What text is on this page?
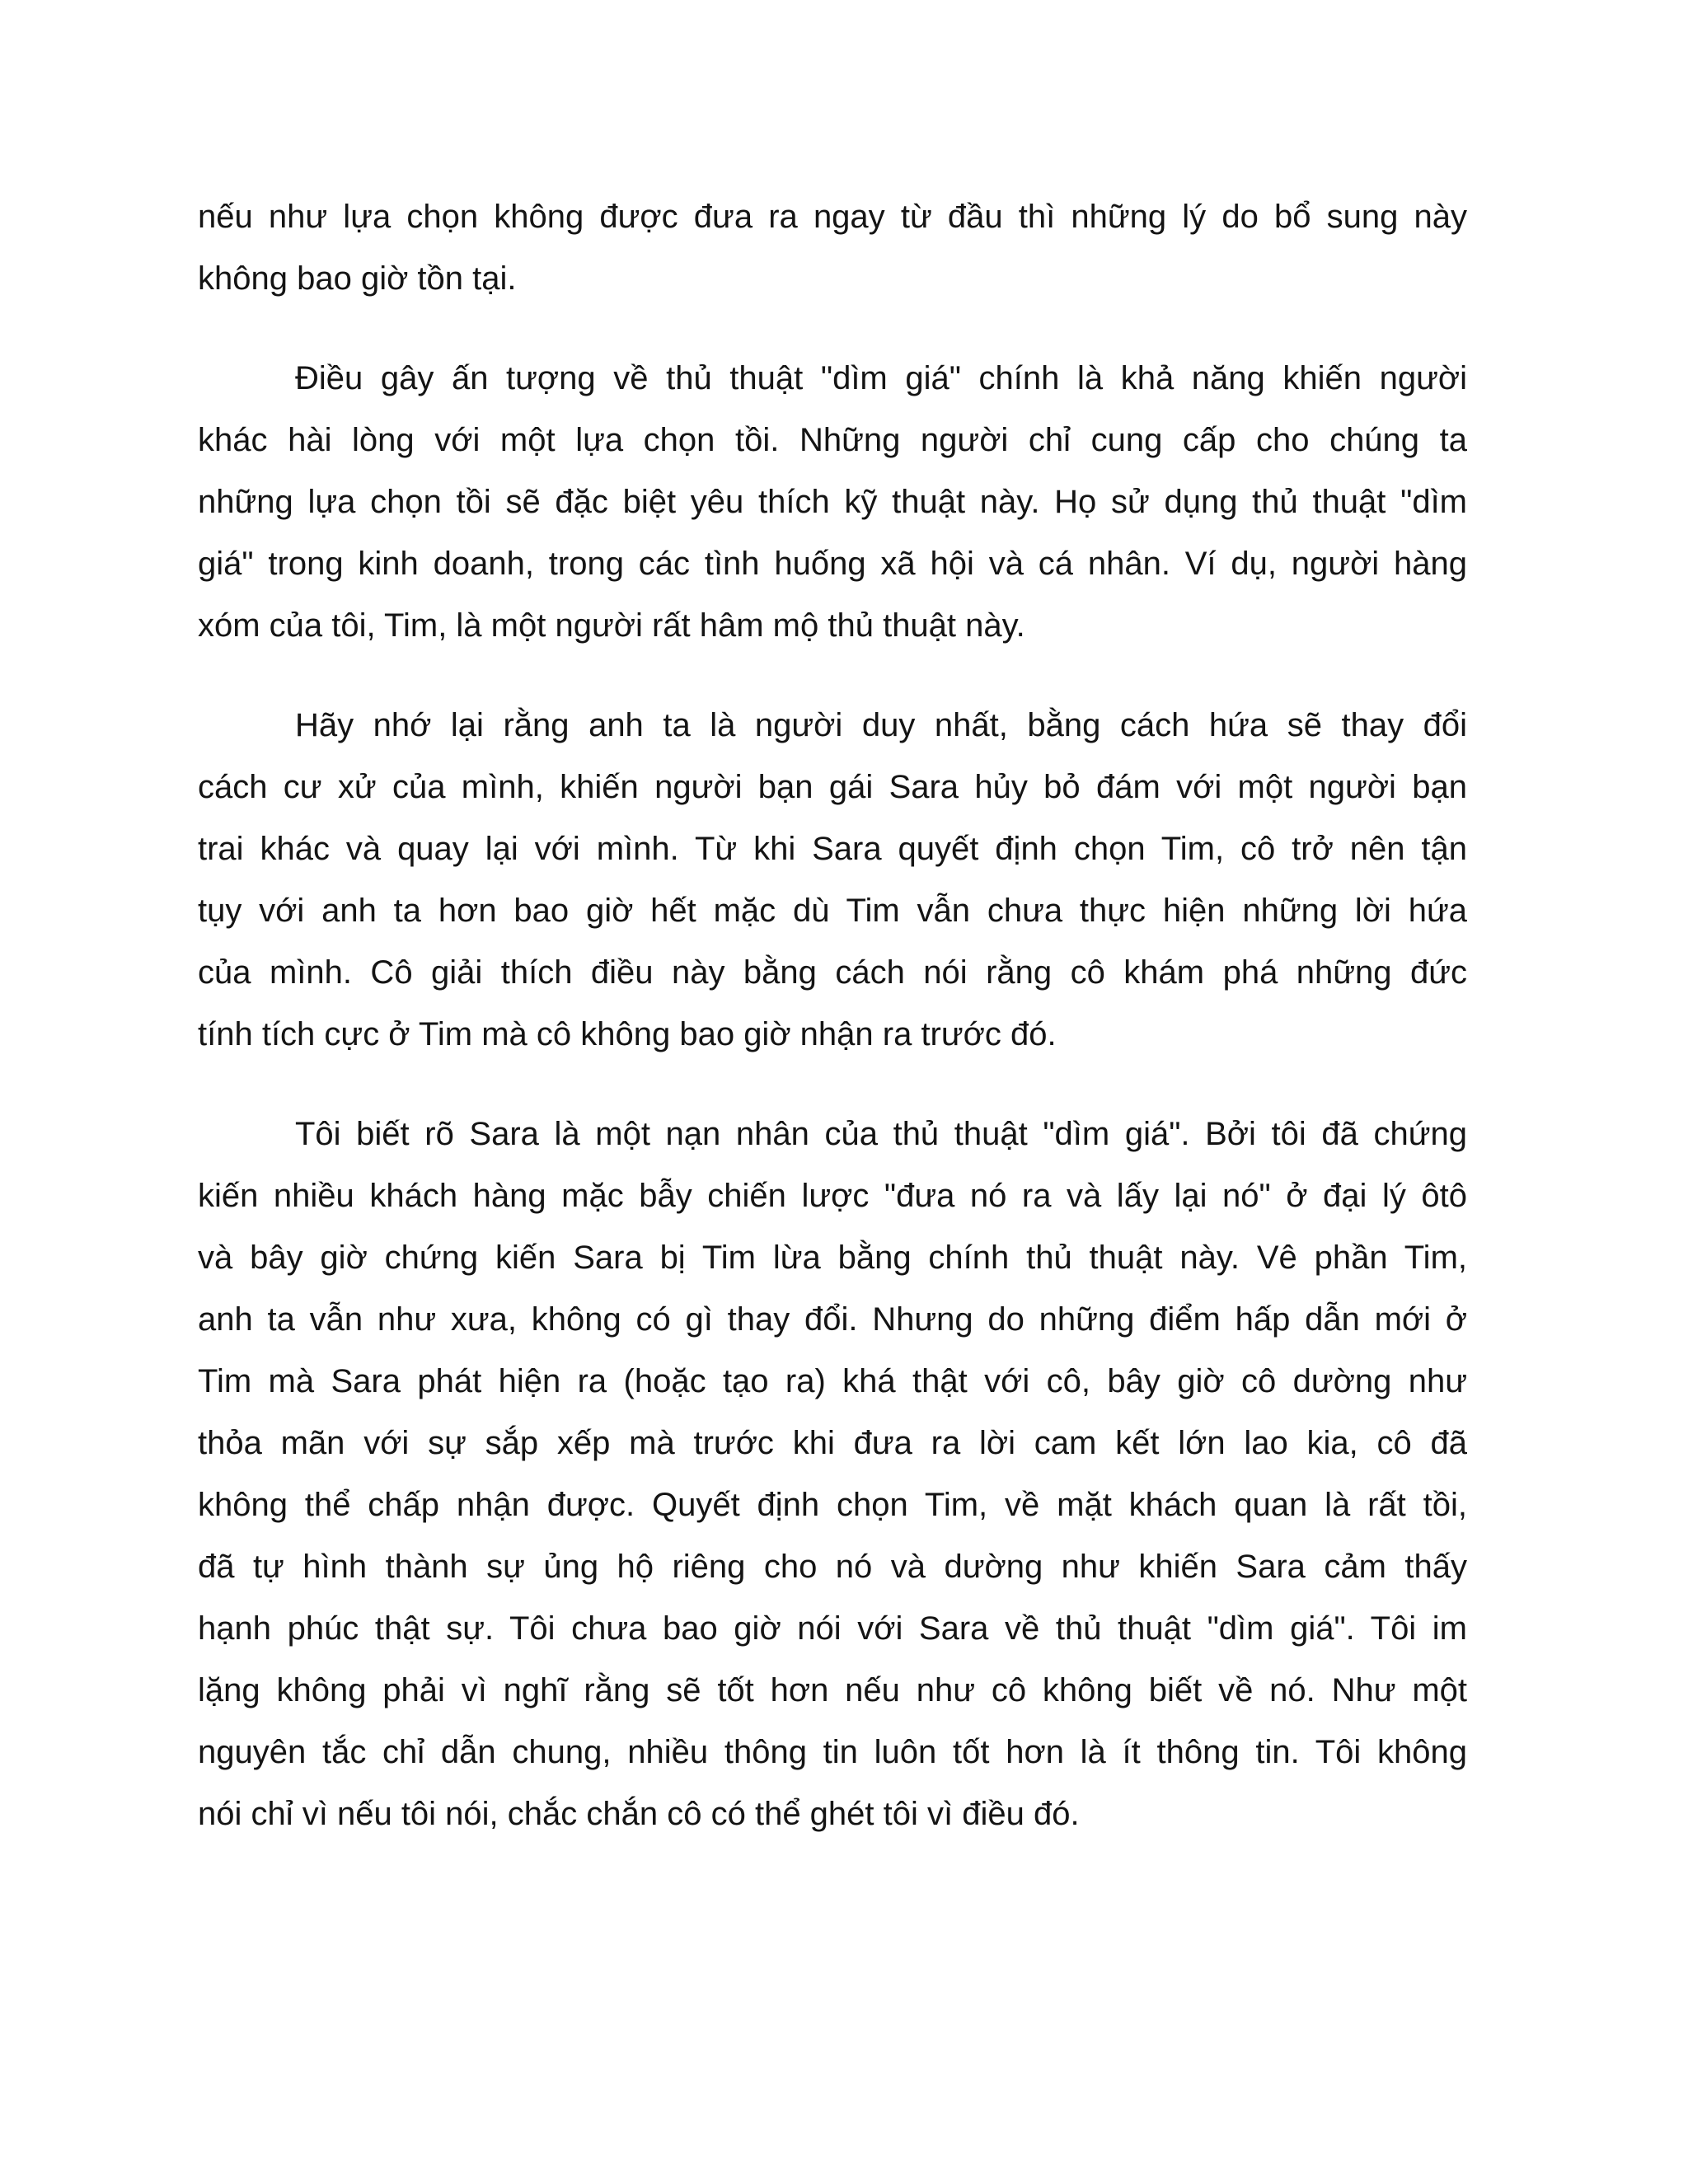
nếu như lựa chọn không được đưa ra ngay từ đầu thì những lý do bổ sung này
không bao giờ tồn tại.
Điều gây ấn tượng về thủ thuật "dìm giá" chính là khả năng khiến người
khác hài lòng với một lựa chọn tồi. Những người chỉ cung cấp cho chúng ta
những lựa chọn tồi sẽ đặc biệt yêu thích kỹ thuật này. Họ sử dụng thủ thuật "dìm
giá" trong kinh doanh, trong các tình huống xã hội và cá nhân. Ví dụ, người hàng
xóm của tôi, Tim, là một người rất hâm mộ thủ thuật này.
Hãy nhớ lại rằng anh ta là người duy nhất, bằng cách hứa sẽ thay đổi
cách cư xử của mình, khiến người bạn gái Sara hủy bỏ đám với một người bạn
trai khác và quay lại với mình. Từ khi Sara quyết định chọn Tim, cô trở nên tận
tụy với anh ta hơn bao giờ hết mặc dù Tim vẫn chưa thực hiện những lời hứa
của mình. Cô giải thích điều này bằng cách nói rằng cô khám phá những đức
tính tích cực ở Tim mà cô không bao giờ nhận ra trước đó.
Tôi biết rõ Sara là một nạn nhân của thủ thuật "dìm giá". Bởi tôi đã chứng
kiến nhiều khách hàng mặc bẫy chiến lược "đưa nó ra và lấy lại nó" ở đại lý ôtô
và bây giờ chứng kiến Sara bị Tim lừa bằng chính thủ thuật này. Vê phần Tim,
anh ta vẫn như xưa, không có gì thay đổi. Nhưng do những điểm hấp dẫn mới ở
Tim mà Sara phát hiện ra (hoặc tạo ra) khá thật với cô, bây giờ cô dường như
thỏa mãn với sự sắp xếp mà trước khi đưa ra lời cam kết lớn lao kia, cô đã
không thể chấp nhận được. Quyết định chọn Tim, về mặt khách quan là rất tồi,
đã tự hình thành sự ủng hộ riêng cho nó và dường như khiến Sara cảm thấy
hạnh phúc thật sự. Tôi chưa bao giờ nói với Sara về thủ thuật "dìm giá". Tôi im
lặng không phải vì nghĩ rằng sẽ tốt hơn nếu như cô không biết về nó. Như một
nguyên tắc chỉ dẫn chung, nhiều thông tin luôn tốt hơn là ít thông tin. Tôi không
nói chỉ vì nếu tôi nói, chắc chắn cô có thể ghét tôi vì điều đó.
